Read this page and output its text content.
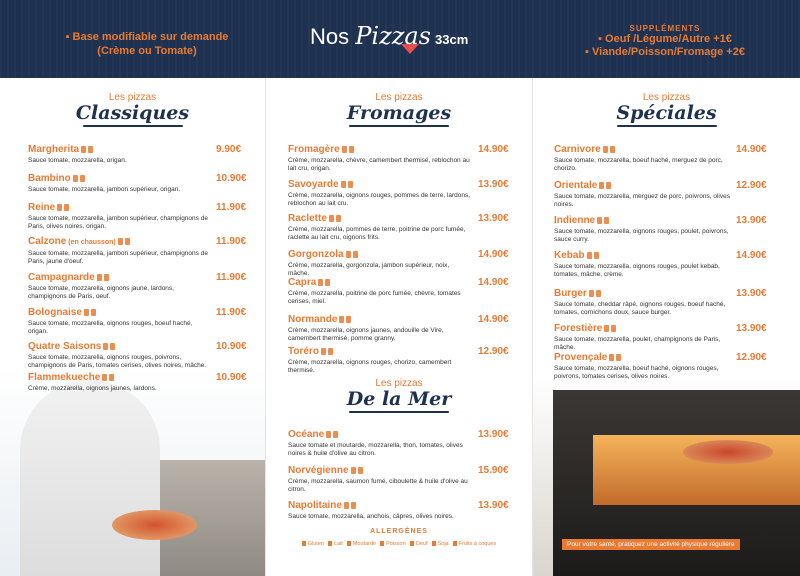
▪ Base modifiable sur demande
(Crème ou Tomate)
Nos Pizzas 33cm
SUPPLÉMENTS
▪ Oeuf /Légume/Autre +1€
▪ Viande/Poisson/Fromage +2€
Les pizzas
Classiques
Les pizzas
Fromages
Les pizzas
De la Mer
Les pizzas
Spéciales
Margherita	9.90€
Sauce tomate, mozzarella, origan.
Bambino	10.90€
Sauce tomate, mozzarella, jambon supérieur, origan.
Reine	11.90€
Sauce tomate, mozzarella, jambon supérieur, champignons de Paris, olives noires, origan.
Calzone (en chausson)	11.90€
Sauce tomate, mozzarella, jambon supérieur, champignons de Paris, jaune d'oeuf.
Campagnarde	11.90€
Sauce tomate, mozzarella, oignons jaune, lardons, champignons de Paris, oeuf.
Bolognaise	11.90€
Sauce tomate, mozzarella, oignons rouges, boeuf haché, origan.
Quatre Saisons	10.90€
Sauce tomate, mozzarella, oignons rouges, poivrons, champignons de Paris, tomates cerises, olives noires, mâche.
Flammekueche	10.90€
Crème, mozzarella, oignons jaunes, lardons.
Fromagère	14.90€
Crème, mozzarella, chèvre, camembert thermisé, reblochon au lait cru, origan.
Savoyarde	13.90€
Crème, mozzarella, oignons rouges, pommes de terre, lardons, reblochon au lait cru.
Raclette	13.90€
Crème, mozzarella, pommes de terre, poitrine de porc fumée, raclette au lait cru, oignons frits.
Gorgonzola	14.90€
Crème, mozzarella, gorgonzola, jambon supérieur, noix, mâche.
Capra	14.90€
Crème, mozzarella, poitrine de porc fumée, chèvre, tomates cerises, miel.
Normande	14.90€
Crème, mozzarella, oignons jaunes, andouille de Vire, camembert thermisé, pomme granny.
Toréro	12.90€
Crème, mozzarella, oignons rouges, chorizo, camembert thermisé.
Océane	13.90€
Sauce tomate et moutarde, mozzarella, thon, tomates, olives noires & huile d'olive au citron.
Norvégienne	15.90€
Crème, mozzarella, saumon fumé, ciboulette & huile d'olive au citron.
Napolitaine	13.90€
Sauce tomate, mozzarella, anchois, câpres, olives noires.
Carnivore	14.90€
Sauce tomate, mozzarella, boeuf haché, merguez de porc, chorizo.
Orientale	12.90€
Sauce tomate, mozzarella, merguez de porc, poivrons, olives noires.
Indienne	13.90€
Sauce tomate, mozzarella, oignons rouges, poulet, poivrons, sauce curry.
Kebab	14.90€
Sauce tomate, mozzarella, oignons rouges, poulet kebab, tomates, mâche, crème.
Burger	13.90€
Sauce tomate, cheddar râpé, oignons rouges, boeuf haché, tomates, cornichons doux, sauce burger.
Forestière	13.90€
Sauce tomate, mozzarella, poulet, champignons de Paris, mâche.
Provençale	12.90€
Sauce tomate, mozzarella, boeuf haché, oignons rouges, poivrons, tomates cerises, olives noires.
ALLERGÈNES
Gluten Lait Moutarde Poisson Oeuf Soja Fruits à coques	Pour votre santé, pratiquez une activité physique régulière
